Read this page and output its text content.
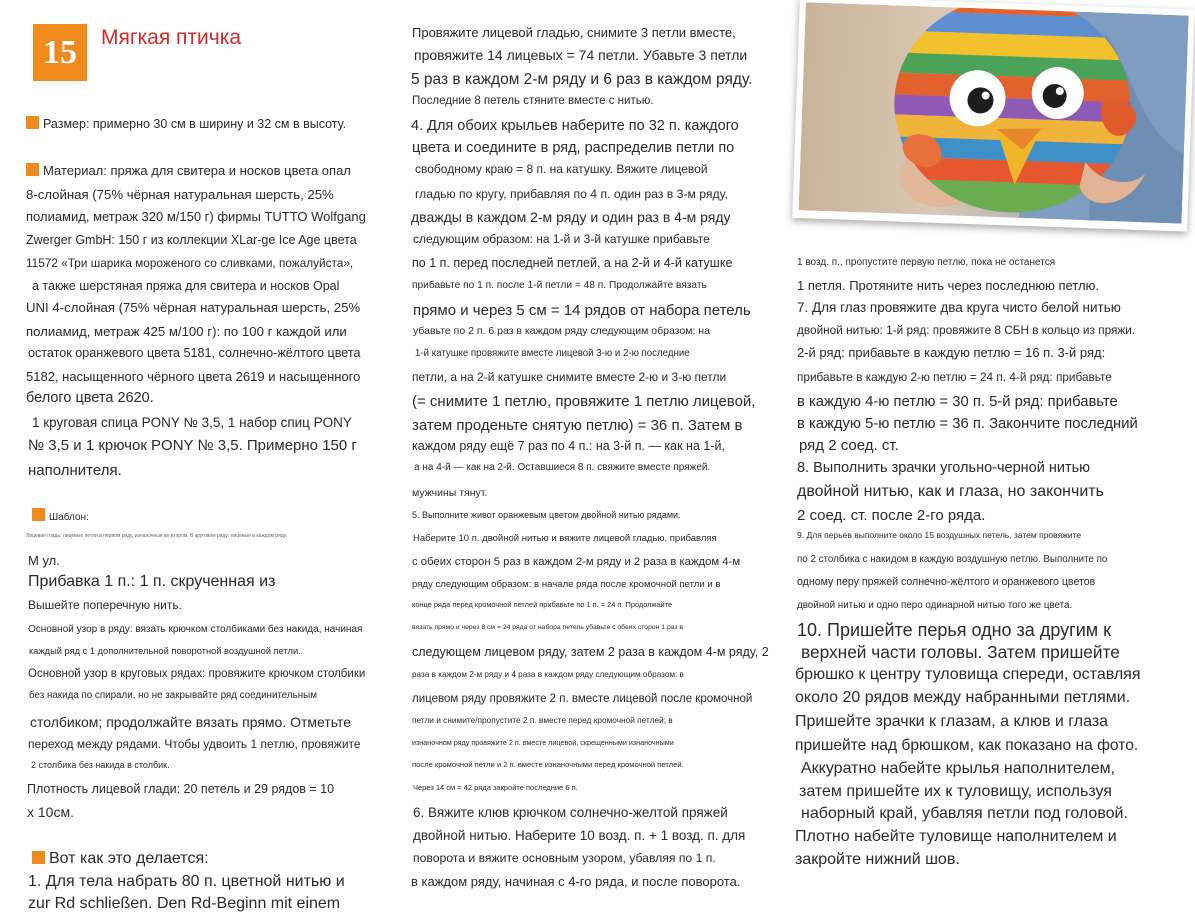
15	Мягкая птичка
Размер: примерно 30 см в ширину и 32 см в высоту.
Материал: пряжа для свитера и носков цвета опал
8-слойная (75% чёрная натуральная шерсть, 25%
полиамид, метраж 320 м/150 г) фирмы TUTTO Wolfgang
Zwerger GmbH: 150 г из коллекции XLar-ge Ice Age цвета
11572 «Три шарика мороженого со сливками, пожалуйста»,
а также шерстяная пряжа для свитера и носков Opal
UNI 4-слойная (75% чёрная натуральная шерсть, 25%
полиамид, метраж 425 м/100 г): по 100 г каждой или
остаток оранжевого цвета 5181, солнечно-жёлтого цвета
5182, насыщенного чёрного цвета 2619 и насыщенного
белого цвета 2620.
1 круговая спица PONY № 3,5, 1 набор спиц PONY
№ 3,5 и 1 крючок PONY № 3,5. Примерно 150 г
наполнителя.
Шаблон:
Лицевая гладь: лицевые петли в первом ряду, изнаночные во втором. В круговом ряду: лицевые в каждом ряду.
М ул.
Прибавка 1 п.: 1 п. скрученная из
Вышейте поперечную нить.
Основной узор в ряду: вязать крючком столбиками без накида, начиная
каждый ряд с 1 дополнительной поворотной воздушной петли.
Основной узор в круговых рядах: провяжите крючком столбики
без накида по спирали, но не закрывайте ряд соединительным
столбиком; продолжайте вязать прямо. Отметьте
переход между рядами. Чтобы удвоить 1 петлю, провяжите
2 столбика без накида в столбик.
Плотность лицевой глади: 20 петель и 29 рядов = 10
х 10см.
Вот как это делается:
1. Для тела набрать 80 п. цветной нитью и
zur Rd schließen. Den Rd-Beginn mit einem
Провяжите лицевой гладью, снимите 3 петли вместе,
провяжите 14 лицевых = 74 петли. Убавьте 3 петли
5 раз в каждом 2-м ряду и 6 раз в каждом ряду.
Последние 8 петель стяните вместе с нитью.
4. Для обоих крыльев наберите по 32 п. каждого
цвета и соедините в ряд, распределив петли по
свободному краю = 8 п. на катушку. Вяжите лицевой
гладью по кругу, прибавляя по 4 п. один раз в 3-м ряду,
дважды в каждом 2-м ряду и один раз в 4-м ряду
следующим образом: на 1-й и 3-й катушке прибавьте
по 1 п. перед последней петлей, а на 2-й и 4-й катушке
прибавьте по 1 п. после 1-й петли = 48 п. Продолжайте вязать
прямо и через 5 см = 14 рядов от набора петель
убавьте по 2 п. 6 раз в каждом ряду следующим образом: на
1-й катушке провяжите вместе лицевой 3-ю и 2-ю последние
петли, а на 2-й катушке снимите вместе 2-ю и 3-ю петли
(= снимите 1 петлю, провяжите 1 петлю лицевой,
затем проденьте снятую петлю) = 36 п. Затем в
каждом ряду ещё 7 раз по 4 п.: на 3-й п. — как на 1-й,
а на 4-й — как на 2-й. Оставшиеся 8 п. свяжите вместе пряжей.
мужчины тянут.
5. Выполните живот оранжевым цветом двойной нитью рядами.
Наберите 10 п. двойной нитью и вяжите лицевой гладью, прибавляя
с обеих сторон 5 раз в каждом 2-м ряду и 2 раза в каждом 4-м
ряду следующим образом: в начале ряда после кромочной петли и в
конце ряда перед кромочной петлей прибавьте по 1 п. = 24 п. Продолжайте
вязать прямо и через 8 см = 24 ряда от набора петель убавьте с обеих сторон 1 раз в
следующем лицевом ряду, затем 2 раза в каждом 4-м ряду, 2
раза в каждом 2-м ряду и 4 раза в каждом ряду следующим образом: в
лицевом ряду провяжите 2 п. вместе лицевой после кромочной
петли и снимите/пропустите 2 п. вместе перед кромочной петлей; в
изнаночном ряду провяжите 2 п. вместе лицевой, скрещенными изнаночными
после кромочной петли и 2 п. вместе изнаночными перед кромочной петлей.
Через 14 см = 42 ряда закройте последние 6 п.
6. Вяжите клюв крючком солнечно-желтой пряжей
двойной нитью. Наберите 10 возд. п. + 1 возд. п. для
поворота и вяжите основным узором, убавляя по 1 п.
в каждом ряду, начиная с 4-го ряда, и после поворота.
1 возд. п., пропустите первую петлю, пока не останется
1 петля. Протяните нить через последнюю петлю.
7. Для глаз провяжите два круга чисто белой нитью
двойной нитью: 1-й ряд: провяжите 8 СБН в кольцо из пряжи.
2-й ряд: прибавьте в каждую петлю = 16 п. 3-й ряд:
прибавьте в каждую 2-ю петлю = 24 п. 4-й ряд: прибавьте
в каждую 4-ю петлю = 30 п. 5-й ряд: прибавьте
в каждую 5-ю петлю = 36 п. Закончите последний
ряд 2 соед. ст.
8. Выполнить зрачки угольно-черной нитью
двойной нитью, как и глаза, но закончить
2 соед. ст. после 2-го ряда.
9. Для перьев выполните около 15 воздушных петель, затем провяжите
по 2 столбика с накидом в каждую воздушную петлю. Выполните по
одному перу пряжей солнечно-жёлтого и оранжевого цветов
двойной нитью и одно перо одинарной нитью того же цвета.
10. Пришейте перья одно за другим к
верхней части головы. Затем пришейте
брюшко к центру туловища спереди, оставляя
около 20 рядов между набранными петлями.
Пришейте зрачки к глазам, а клюв и глаза
пришейте над брюшком, как показано на фото.
Аккуратно набейте крылья наполнителем,
затем пришейте их к туловищу, используя
наборный край, убавляя петли под головой.
Плотно набейте туловище наполнителем и
закройте нижний шов.
